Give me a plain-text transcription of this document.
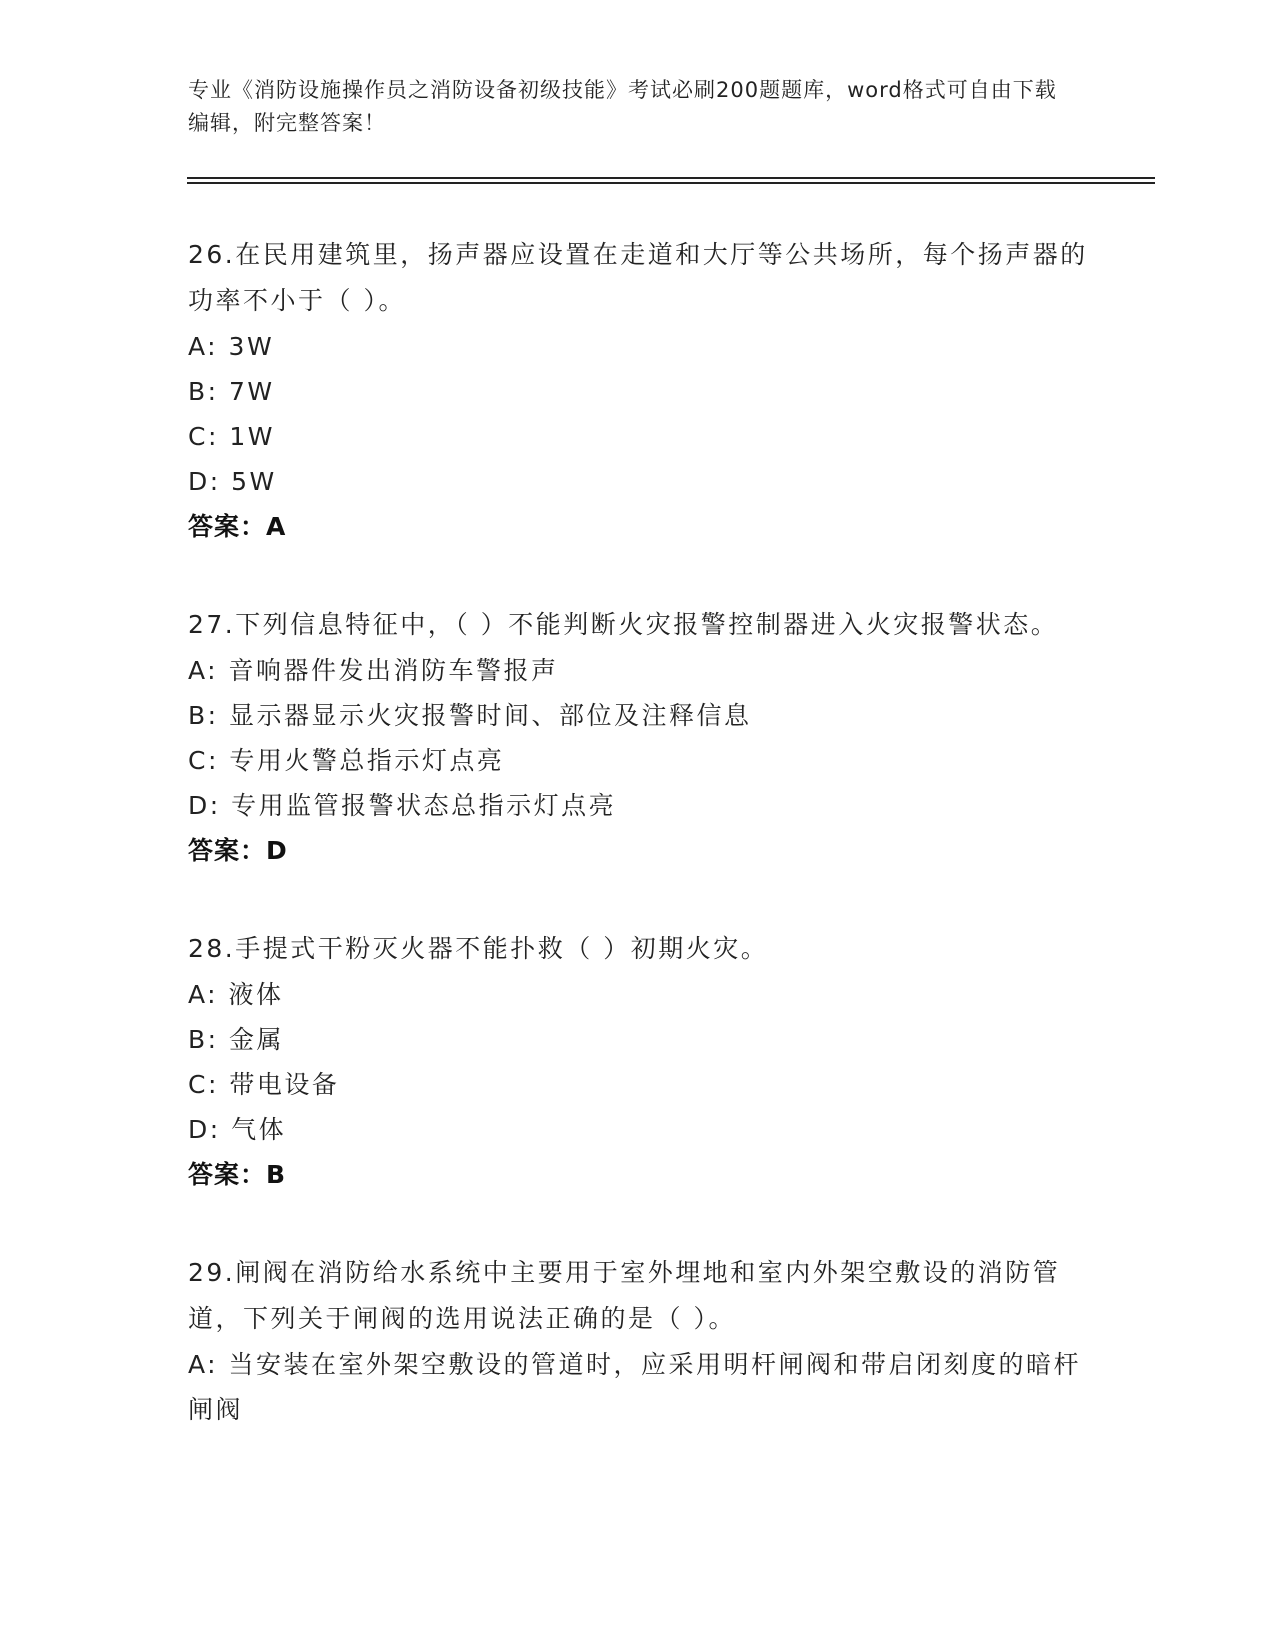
专业《消防设施操作员之消防设备初级技能》考试必刷200题题库，word格式可自由下载编辑，附完整答案！
26.在民用建筑里，扬声器应设置在走道和大厅等公共场所，每个扬声器的功率不小于（ ）。
A: 3W
B: 7W
C: 1W
D: 5W
答案：A
27.下列信息特征中，（ ）不能判断火灾报警控制器进入火灾报警状态。
A: 音响器件发出消防车警报声
B: 显示器显示火灾报警时间、部位及注释信息
C: 专用火警总指示灯点亮
D: 专用监管报警状态总指示灯点亮
答案：D
28.手提式干粉灭火器不能扑救（ ）初期火灾。
A: 液体
B: 金属
C: 带电设备
D: 气体
答案：B
29.闸阀在消防给水系统中主要用于室外埋地和室内外架空敷设的消防管道，下列关于闸阀的选用说法正确的是（ ）。
A: 当安装在室外架空敷设的管道时，应采用明杆闸阀和带启闭刻度的暗杆闸阀
